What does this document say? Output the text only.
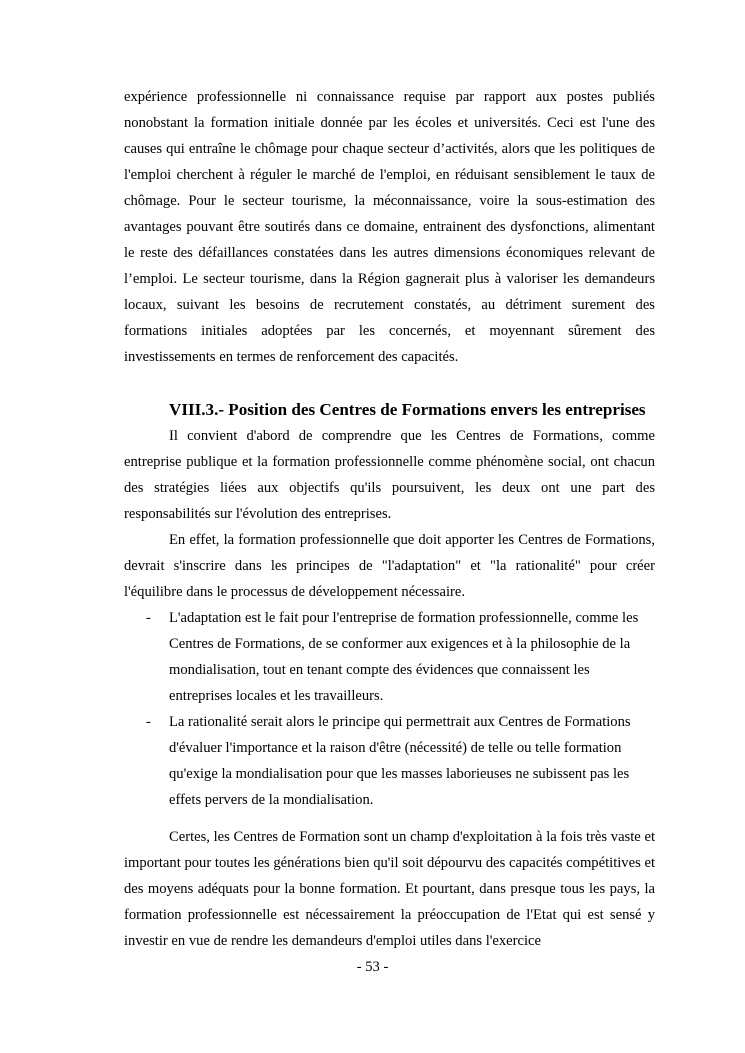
expérience professionnelle ni connaissance requise par rapport aux postes publiés nonobstant la formation initiale donnée par les écoles et universités. Ceci est l'une des causes qui entraîne le chômage pour chaque secteur d’activités, alors que les politiques de l'emploi cherchent à réguler le marché de l'emploi, en réduisant sensiblement le taux de chômage. Pour le secteur tourisme, la méconnaissance, voire la sous-estimation des avantages pouvant être soutirés dans ce domaine, entrainent des dysfonctions, alimentant le reste des défaillances constatées dans les autres dimensions économiques relevant de l’emploi. Le secteur tourisme, dans la Région gagnerait plus à valoriser les demandeurs locaux, suivant les besoins de recrutement constatés, au détriment surement des formations initiales adoptées par les concernés, et moyennant sûrement des investissements en termes de renforcement des capacités.

VIII.3.- Position des Centres de Formations envers les entreprises

Il convient d'abord de comprendre que les Centres de Formations, comme entreprise publique et la formation professionnelle comme phénomène social, ont chacun des stratégies liées aux objectifs qu'ils poursuivent, les deux ont une part des responsabilités sur l'évolution des entreprises.

En effet, la formation professionnelle que doit apporter les Centres de Formations, devrait s'inscrire dans les principes de "l'adaptation" et "la rationalité" pour créer l'équilibre dans le processus de développement nécessaire.

- L'adaptation est le fait pour l'entreprise de formation professionnelle, comme les Centres de Formations, de se conformer aux exigences et à la philosophie de la mondialisation, tout en tenant compte des évidences que connaissent les entreprises locales et les travailleurs.
- La rationalité serait alors le principe qui permettrait aux Centres de Formations d'évaluer l'importance et la raison d'être (nécessité) de telle ou telle formation qu'exige la mondialisation pour que les masses laborieuses ne subissent pas les effets pervers de la mondialisation.

Certes, les Centres de Formation sont un champ d'exploitation à la fois très vaste et important pour toutes les générations bien qu'il soit dépourvu des capacités compétitives et des moyens adéquats pour la bonne formation. Et pourtant, dans presque tous les pays, la formation professionnelle est nécessairement la préoccupation de l'Etat qui est sensé y investir en vue de rendre les demandeurs d'emploi utiles dans l'exercice

- 53 -
